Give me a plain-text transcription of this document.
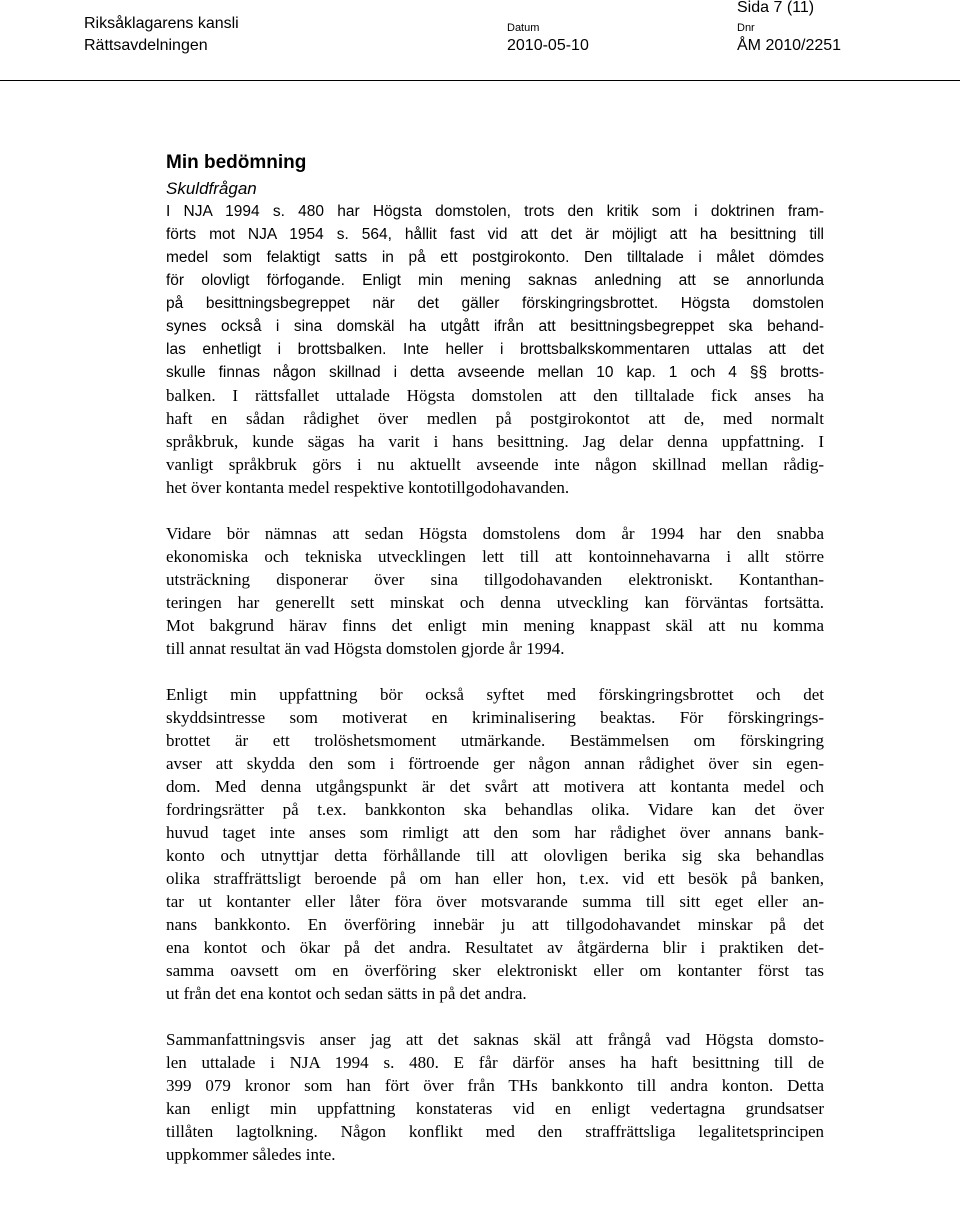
Riksåklagarens kansli
Rättsavdelningen
Sida 7 (11)
Datum
2010-05-10
Dnr
ÅM 2010/2251
Min bedömning
Skuldfrågan
I NJA 1994 s. 480 har Högsta domstolen, trots den kritik som i doktrinen fram-
förts mot NJA 1954 s. 564, hållit fast vid att det är möjligt att ha besittning till
medel som felaktigt satts in på ett postgirokonto. Den tilltalade i målet dömdes
för olovligt förfogande. Enligt min mening saknas anledning att se annorlunda
på besittningsbegreppet när det gäller förskingringsbrottet. Högsta domstolen
synes också i sina domskäl ha utgått ifrån att besittningsbegreppet ska behand-
las enhetligt i brottsbalken. Inte heller i brottsbalkskommentaren uttalas att det
skulle finnas någon skillnad i detta avseende mellan 10 kap. 1 och 4 §§ brotts-
balken. I rättsfallet uttalade Högsta domstolen att den tilltalade fick anses ha
haft en sådan rådighet över medlen på postgirokontot att de, med normalt
språkbruk, kunde sägas ha varit i hans besittning. Jag delar denna uppfattning. I
vanligt språkbruk görs i nu aktuellt avseende inte någon skillnad mellan rådig-
het över kontanta medel respektive kontotillgodohavanden.
Vidare bör nämnas att sedan Högsta domstolens dom år 1994 har den snabba
ekonomiska och tekniska utvecklingen lett till att kontoinnehavarna i allt större
utsträckning disponerar över sina tillgodohavanden elektroniskt. Kontanthan-
teringen har generellt sett minskat och denna utveckling kan förväntas fortsätta.
Mot bakgrund härav finns det enligt min mening knappast skäl att nu komma
till annat resultat än vad Högsta domstolen gjorde år 1994.
Enligt min uppfattning bör också syftet med förskingringsbrottet och det
skyddsintresse som motiverat en kriminalisering beaktas. För förskingrings-
brottet är ett trolöshetsmoment utmärkande. Bestämmelsen om förskingring
avser att skydda den som i förtroende ger någon annan rådighet över sin egen-
dom. Med denna utgångspunkt är det svårt att motivera att kontanta medel och
fordringsrätter på t.ex. bankkonton ska behandlas olika. Vidare kan det över
huvud taget inte anses som rimligt att den som har rådighet över annans bank-
konto och utnyttjar detta förhållande till att olovligen berika sig ska behandlas
olika straffrättsligt beroende på om han eller hon, t.ex. vid ett besök på banken,
tar ut kontanter eller låter föra över motsvarande summa till sitt eget eller an-
nans bankkonto. En överföring innebär ju att tillgodohavandet minskar på det
ena kontot och ökar på det andra. Resultatet av åtgärderna blir i praktiken det-
samma oavsett om en överföring sker elektroniskt eller om kontanter först tas
ut från det ena kontot och sedan sätts in på det andra.
Sammanfattningsvis anser jag att det saknas skäl att frångå vad Högsta domsto-
len uttalade i NJA 1994 s. 480. E får därför anses ha haft besittning till de
399 079 kronor som han fört över från THs bankkonto till andra konton. Detta
kan enligt min uppfattning konstateras vid en enligt vedertagna grundsatser
tillåten lagtolkning. Någon konflikt med den straffrättsliga legalitetsprincipen
uppkommer således inte.
